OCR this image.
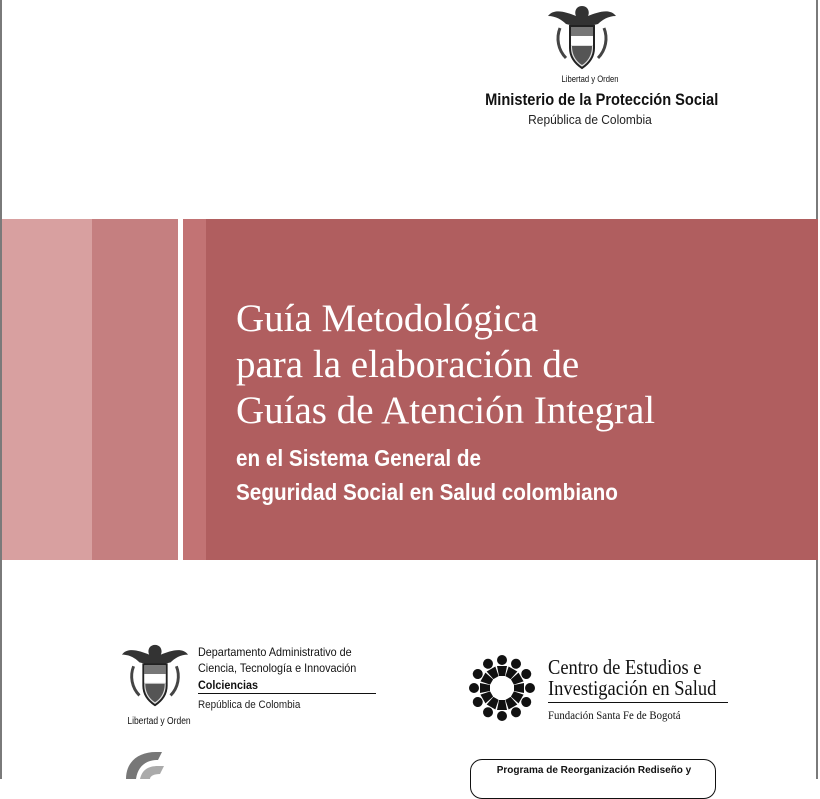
Libertad y Orden
Ministerio de la Protección Social
República de Colombia
Guía Metodológica
para la elaboración de
Guías de Atención Integral
en el Sistema General de
Seguridad Social en Salud colombiano
Libertad y Orden
Departamento Administrativo de
Ciencia, Tecnología e Innovación
Colciencias
República de Colombia
Centro de Estudios e
Investigación en Salud
Fundación Santa Fe de Bogotá
Programa de Reorganización Rediseño y
